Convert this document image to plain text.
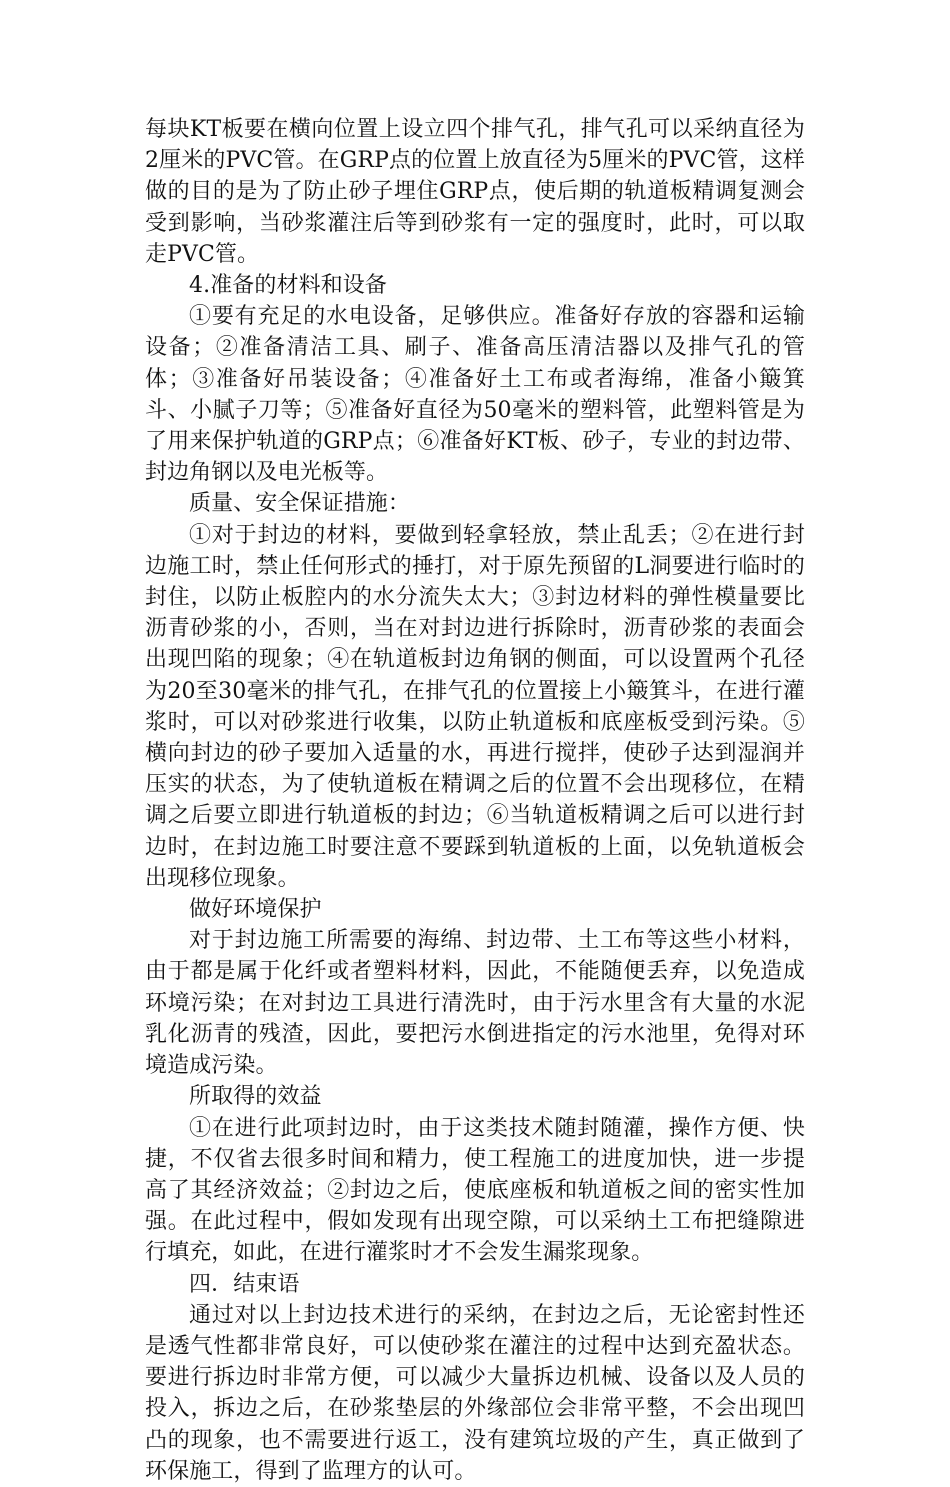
每块KT板要在横向位置上设立四个排气孔，排气孔可以采纳直径为2厘米的PVC管。在GRP点的位置上放直径为5厘米的PVC管，这样做的目的是为了防止砂子埋住GRP点，使后期的轨道板精调复测会受到影响，当砂浆灌注后等到砂浆有一定的强度时，此时，可以取走PVC管。

4.准备的材料和设备

①要有充足的水电设备，足够供应。准备好存放的容器和运输设备；②准备清洁工具、刷子、准备高压清洁器以及排气孔的管体；③准备好吊装设备；④准备好土工布或者海绵，准备小簸箕斗、小腻子刀等；⑤准备好直径为50毫米的塑料管，此塑料管是为了用来保护轨道的GRP点；⑥准备好KT板、砂子，专业的封边带、封边角钢以及电光板等。

质量、安全保证措施：

①对于封边的材料，要做到轻拿轻放，禁止乱丢；②在进行封边施工时，禁止任何形式的捶打，对于原先预留的L洞要进行临时的封住，以防止板腔内的水分流失太大；③封边材料的弹性模量要比沥青砂浆的小，否则，当在对封边进行拆除时，沥青砂浆的表面会出现凹陷的现象；④在轨道板封边角钢的侧面，可以设置两个孔径为20至30毫米的排气孔，在排气孔的位置接上小簸箕斗，在进行灌浆时，可以对砂浆进行收集，以防止轨道板和底座板受到污染。⑤横向封边的砂子要加入适量的水，再进行搅拌，使砂子达到湿润并压实的状态，为了使轨道板在精调之后的位置不会出现移位，在精调之后要立即进行轨道板的封边；⑥当轨道板精调之后可以进行封边时，在封边施工时要注意不要踩到轨道板的上面，以免轨道板会出现移位现象。

做好环境保护

对于封边施工所需要的海绵、封边带、土工布等这些小材料，由于都是属于化纤或者塑料材料，因此，不能随便丢弃，以免造成环境污染；在对封边工具进行清洗时，由于污水里含有大量的水泥乳化沥青的残渣，因此，要把污水倒进指定的污水池里，免得对环境造成污染。

所取得的效益

①在进行此项封边时，由于这类技术随封随灌，操作方便、快捷，不仅省去很多时间和精力，使工程施工的进度加快，进一步提高了其经济效益；②封边之后，使底座板和轨道板之间的密实性加强。在此过程中，假如发现有出现空隙，可以采纳土工布把缝隙进行填充，如此，在进行灌浆时才不会发生漏浆现象。

四．结束语

通过对以上封边技术进行的采纳，在封边之后，无论密封性还是透气性都非常良好，可以使砂浆在灌注的过程中达到充盈状态。要进行拆边时非常方便，可以减少大量拆边机械、设备以及人员的投入，拆边之后，在砂浆垫层的外缘部位会非常平整，不会出现凹凸的现象，也不需要进行返工，没有建筑垃圾的产生，真正做到了环保施工，得到了监理方的认可。
